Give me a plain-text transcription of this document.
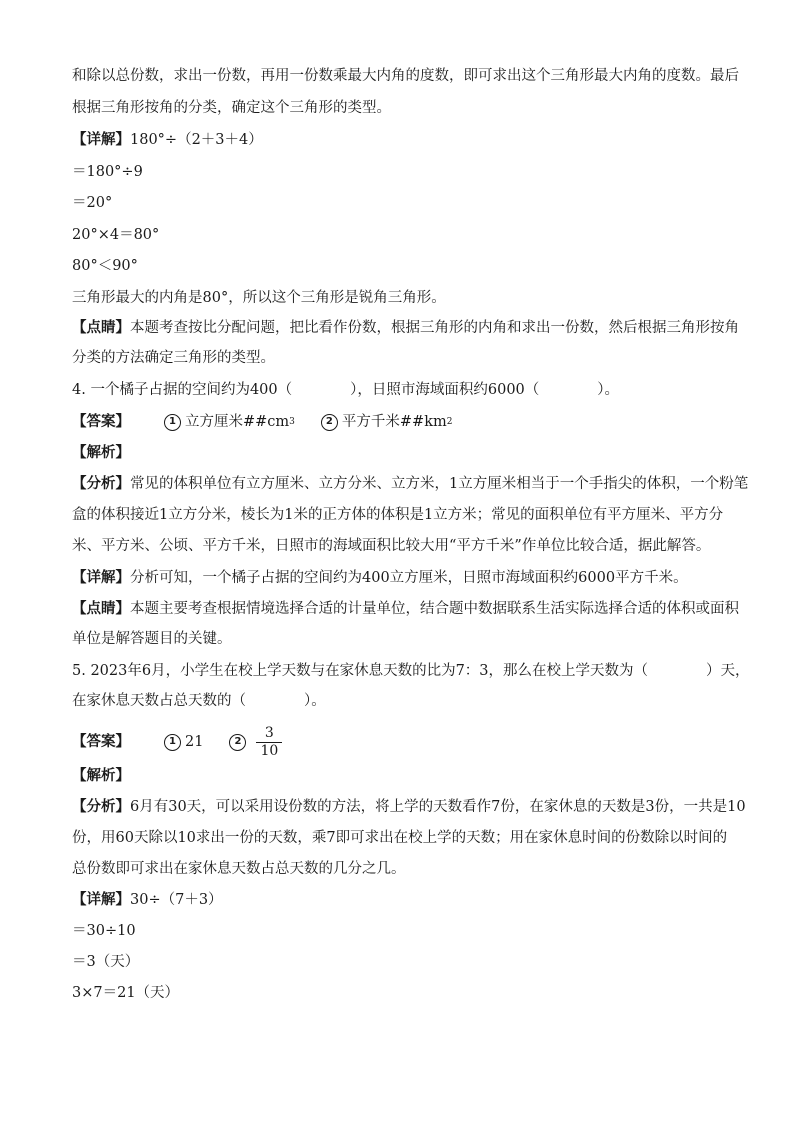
和除以总份数，求出一份数，再用一份数乘最大内角的度数，即可求出这个三角形最大内角的度数。最后
根据三角形按角的分类，确定这个三角形的类型。
【详解】180°÷（2＋3＋4）
＝180°÷9
＝20°
20°×4＝80°
80°＜90°
三角形最大的内角是80°，所以这个三角形是锐角三角形。
【点睛】本题考查按比分配问题，把比看作份数，根据三角形的内角和求出一份数，然后根据三角形按角
分类的方法确定三角形的类型。
4. 一个橘子占据的空间约为400（　　　　），日照市海域面积约6000（　　　　）。
【答案】	1 立方厘米##cm 3	2 平方千米##km 2
【解析】
【分析】常见的体积单位有立方厘米、立方分米、立方米，1立方厘米相当于一个手指尖的体积，一个粉笔
盒的体积接近1立方分米，棱长为1米的正方体的体积是1立方米；常见的面积单位有平方厘米、平方分
米、平方米、公顷、平方千米，日照市的海域面积比较大用“平方千米”作单位比较合适，据此解答。
【详解】分析可知，一个橘子占据的空间约为400立方厘米，日照市海域面积约6000平方千米。
【点睛】本题主要考查根据情境选择合适的计量单位，结合题中数据联系生活实际选择合适的体积或面积
单位是解答题目的关键。
5. 2023年6月，小学生在校上学天数与在家休息天数的比为7：3，那么在校上学天数为（　　　　）天，
在家休息天数占总天数的（　　　　）。
【答案】	1 21	2	$\frac{3}{10}$
【解析】
【分析】6月有30天，可以采用设份数的方法，将上学的天数看作7份，在家休息的天数是3份，一共是10
份，用60天除以10求出一份的天数，乘7即可求出在校上学的天数；用在家休息时间的份数除以时间的
总份数即可求出在家休息天数占总天数的几分之几。
【详解】30÷（7＋3）
＝30÷10
＝3（天）
3×7＝21（天）
